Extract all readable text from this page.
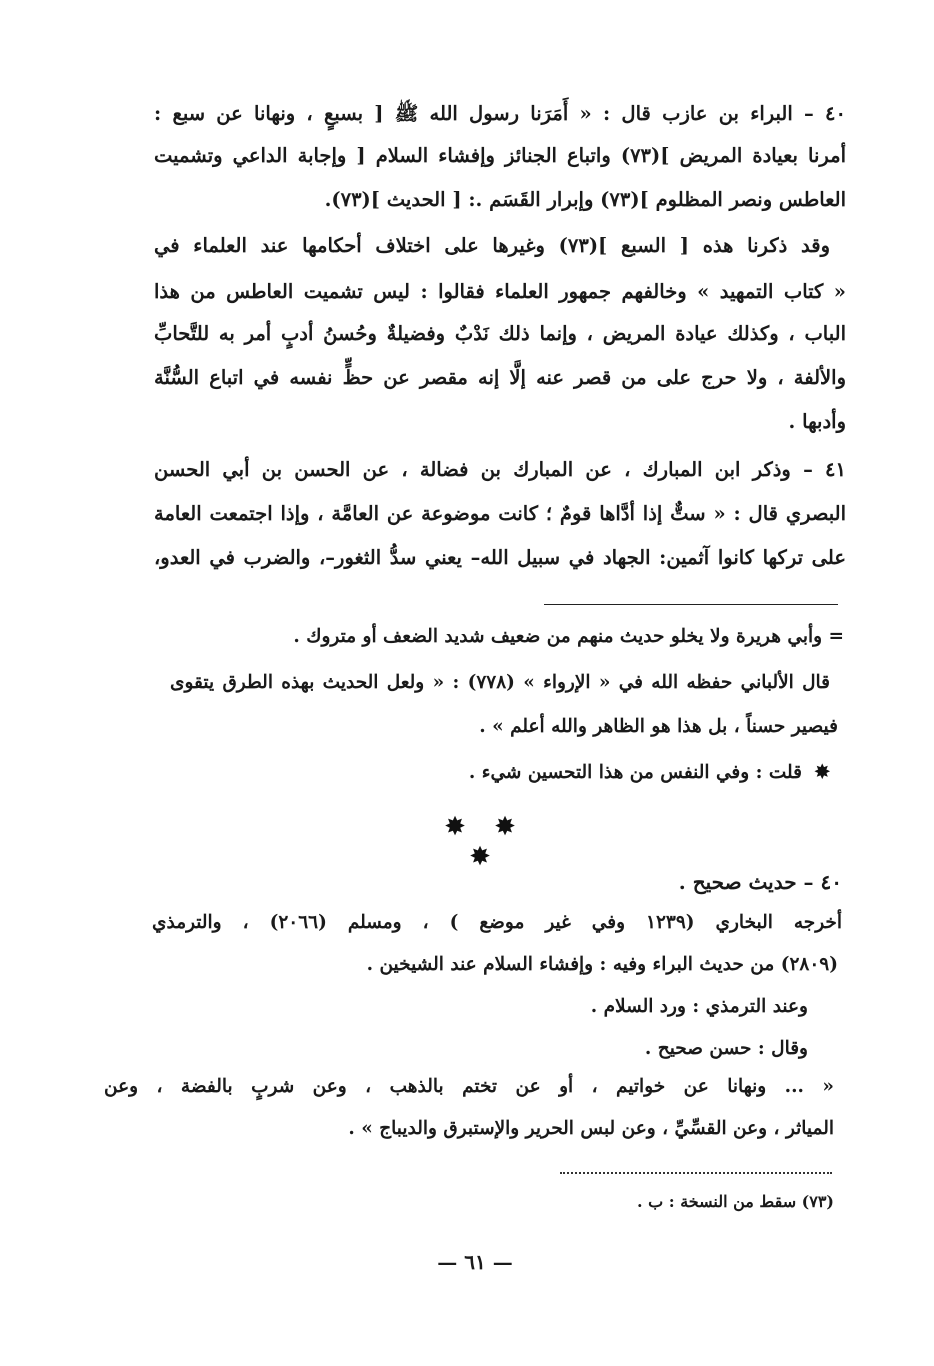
٤٠ – البراء بن عازب قال : « أَمَرَنا رسول الله ﷺ [ بسبعٍ ، ونهانا عن سبع :
أمرنا بعيادة المريض ](٧٣) واتباع الجنائز وإفشاء السلام [ وإجابة الداعي وتشميت
العاطس ونصر المظلوم ](٧٣) وإبرار القَسَم .: [ الحديث ](٧٣).
وقد ذكرنا هذه [ السبع ](٧٣) وغيرها على اختلاف أحكامها عند العلماء في
« كتاب التمهيد » وخالفهم جمهور العلماء فقالوا : ليس تشميت العاطس من هذا
الباب ، وكذلك عيادة المريض ، وإنما ذلك نَدْبٌ وفضيلةٌ وحُسنُ أدبٍ أمر به للتَّحابِّ
والألفة ، ولا حرج على من قصر عنه إلَّا إنه مقصر عن حظٍّ نفسه في اتباع السُّنَّة
وأدبها .
٤١ – وذكر ابن المبارك ، عن المبارك بن فضالة ، عن الحسن بن أبي الحسن
البصري قال : « ستٌّ إذا أدَّاها قومٌ ؛ كانت موضوعة عن العامَّة ، وإذا اجتمعت العامة
على تركها كانوا آثمين: الجهاد في سبيل الله– يعني سدُّ الثغور–، والضرب في العدو،
= وأبي هريرة ولا يخلو حديث منهم من ضعيف شديد الضعف أو متروك .
قال الألباني حفظه الله في « الإرواء » (٧٧٨) : « ولعل الحديث بهذه الطرق يتقوى
فيصير حسناً ، بل هذا هو الظاهر والله أعلم » .
✸ قلت : وفي النفس من هذا التحسين شيء .
✸ ✸ ✸
٤٠ – حديث صحيح .
أخرجه البخاري (١٢٣٩ وفي غير موضع ) ، ومسلم (٢٠٦٦) ، والترمذي
(٢٨٠٩) من حديث البراء وفيه : وإفشاء السلام عند الشيخين .
وعند الترمذي : ورد السلام .
وقال : حسن صحيح .
« ... ونهانا عن خواتيم ، أو عن تختم بالذهب ، وعن شربٍ بالفضة ، وعن
المياثر ، وعن القسِّيِّ ، وعن لبس الحرير والإستبرق والديباج » .
(٧٣) سقط من النسخة : ب .
— ٦١ —
